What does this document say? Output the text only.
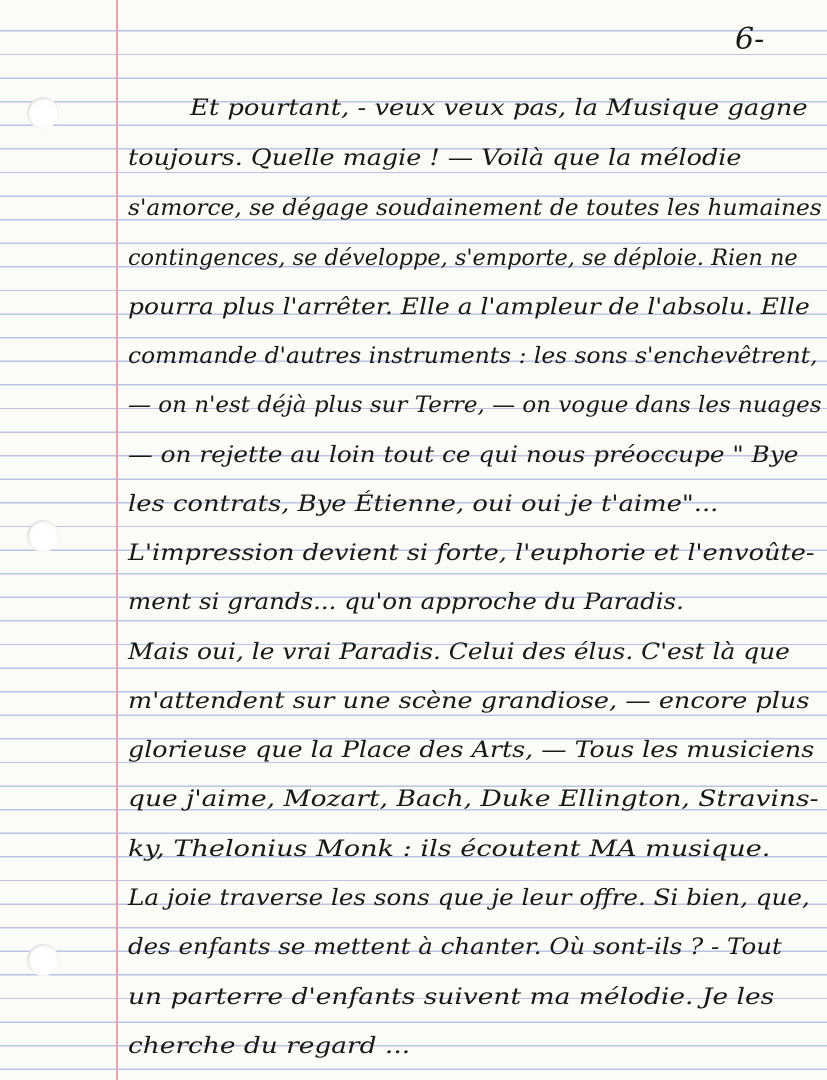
6-
Et pourtant, - veux veux pas, la Musique gagne
toujours. Quelle magie ! — Voilà que la mélodie
s'amorce, se dégage soudainement de toutes les humaines
contingences, se développe, s'emporte, se déploie. Rien ne
pourra plus l'arrêter. Elle a l'ampleur de l'absolu. Elle
commande d'autres instruments : les sons s'enchevêtrent,
— on n'est déjà plus sur Terre, — on vogue dans les nuages
— on rejette au loin tout ce qui nous préoccupe " Bye
les contrats, Bye Étienne, oui oui je t'aime"...
L'impression devient si forte, l'euphorie et l'envoûte-
ment si grands... qu'on approche du Paradis.
Mais oui, le vrai Paradis. Celui des élus. C'est là que
m'attendent sur une scène grandiose, — encore plus
glorieuse que la Place des Arts, — Tous les musiciens
que j'aime, Mozart, Bach, Duke Ellington, Stravins-
ky, Thelonius Monk : ils écoutent MA musique.
La joie traverse les sons que je leur offre. Si bien, que,
des enfants se mettent à chanter. Où sont-ils ? - Tout
un parterre d'enfants suivent ma mélodie. Je les
cherche du regard ...
